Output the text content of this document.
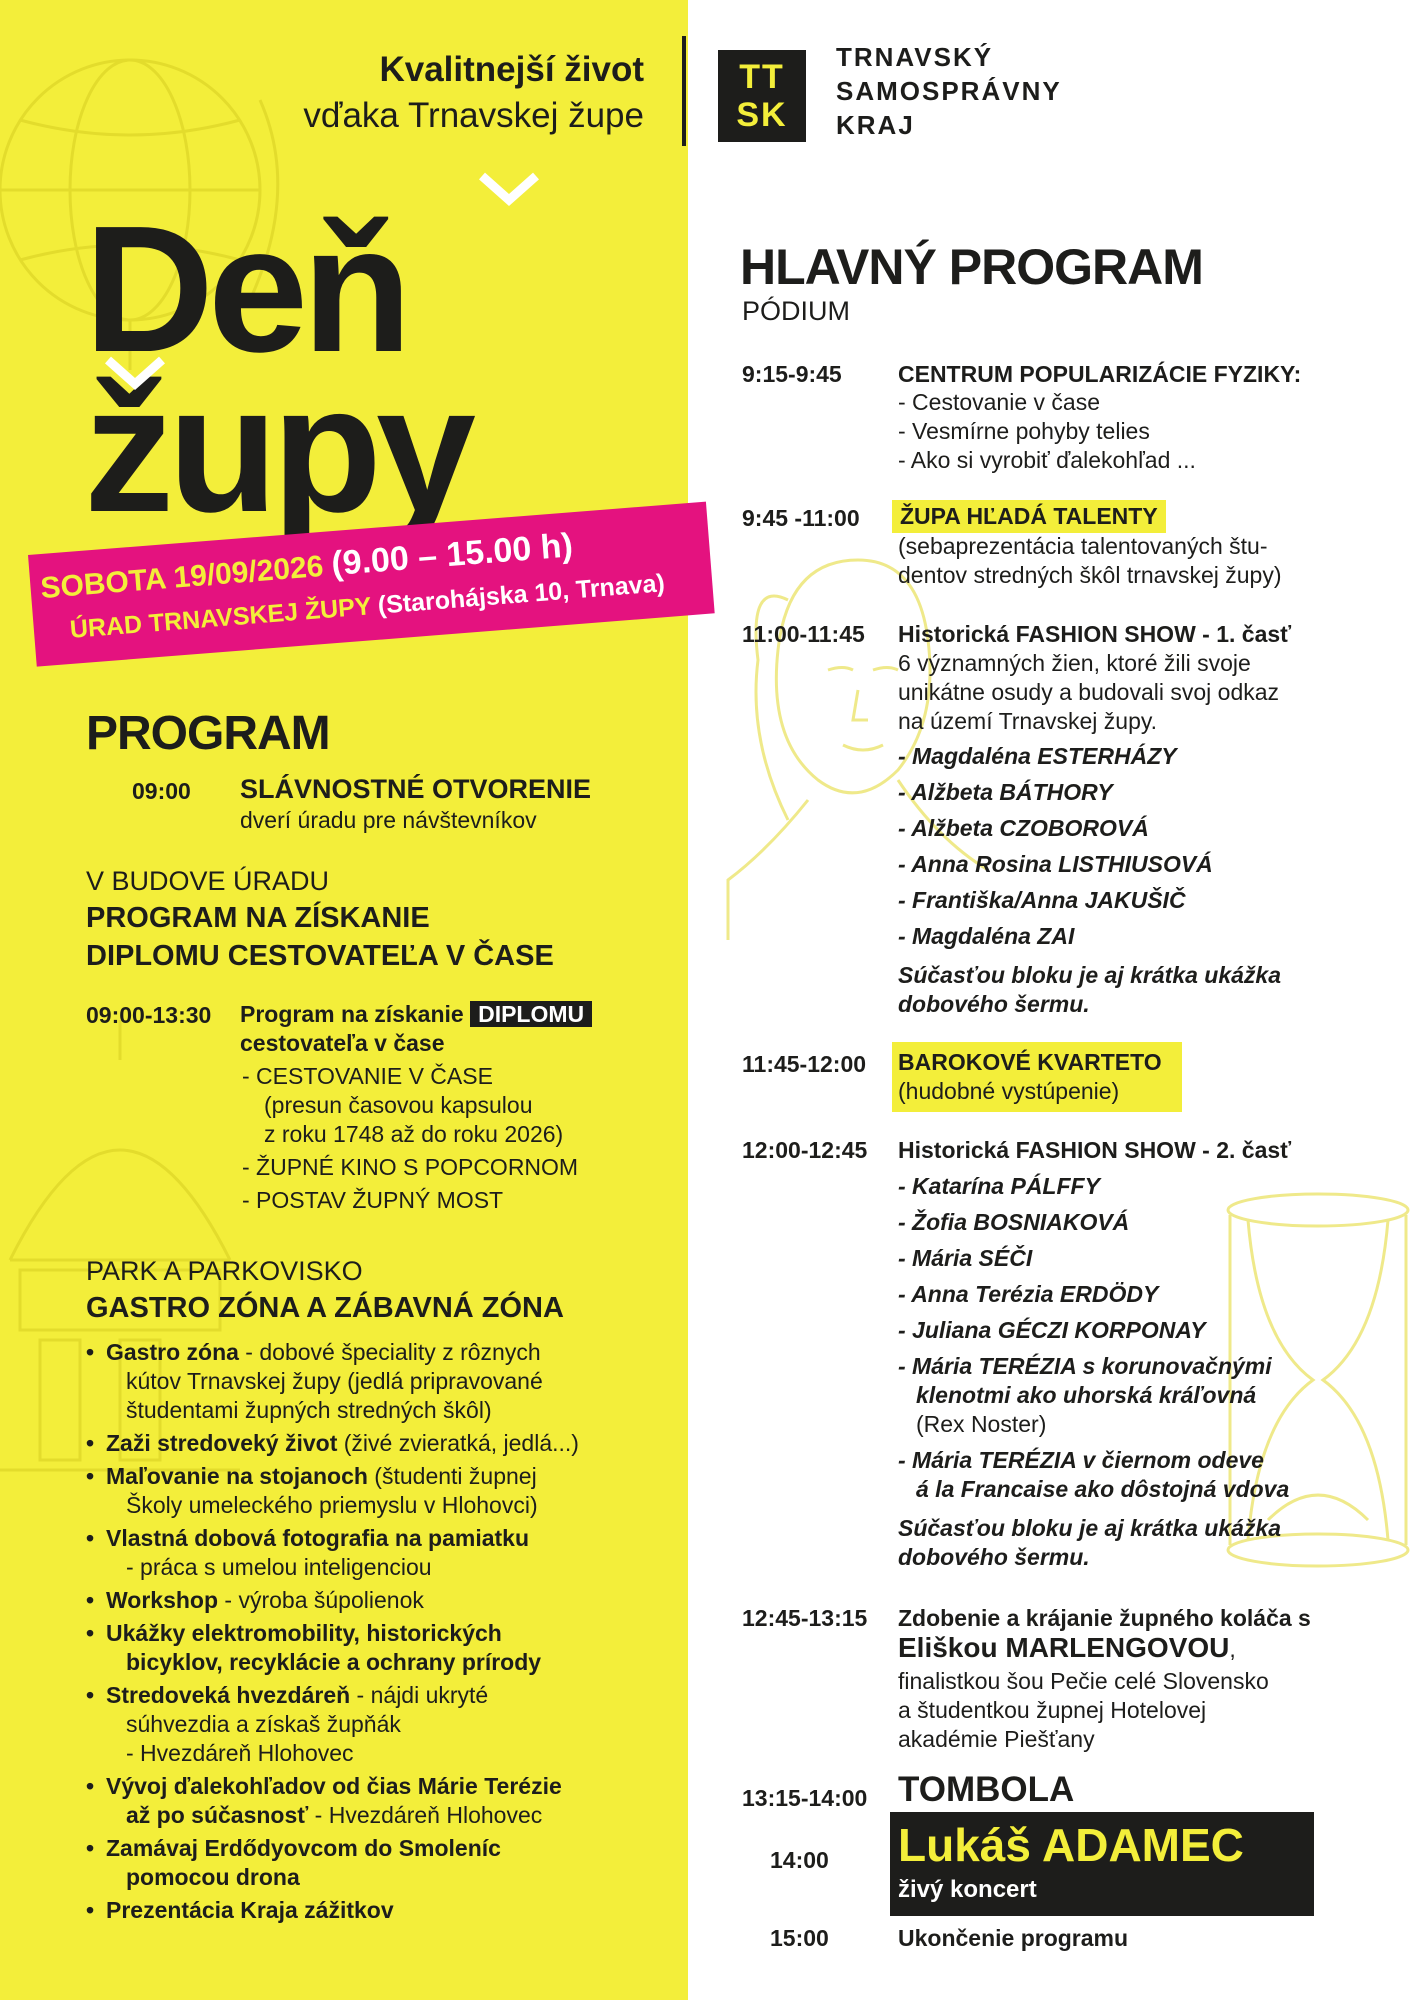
Kvalitnejší život
vďaka Trnavskej župe
TT
SK
TRNAVSKÝ
SAMOSPRÁVNY
KRAJ
Deň
župy
SOBOTA 19/09/2026 (9.00 – 15.00 h)
ÚRAD TRNAVSKEJ ŽUPY (Starohájska 10, Trnava)
PROGRAM
09:00 SLÁVNOSTNÉ OTVORENIE
dverí úradu pre návštevníkov
V BUDOVE ÚRADU
PROGRAM NA ZÍSKANIE
DIPLOMU CESTOVATEĽA V ČASE
09:00-13:30 Program na získanie DIPLOMU
cestovateľa v čase
- CESTOVANIE V ČASE
(presun časovou kapsulou
z roku 1748 až do roku 2026)
- ŽUPNÉ KINO S POPCORNOM
- POSTAV ŽUPNÝ MOST
PARK A PARKOVISKO
GASTRO ZÓNA A ZÁBAVNÁ ZÓNA
• Gastro zóna - dobové špeciality z rôznych
kútov Trnavskej župy (jedlá pripravované
študentami župných stredných škôl)
• Zaži stredoveký život (živé zvieratká, jedlá...)
• Maľovanie na stojanoch (študenti župnej
Školy umeleckého priemyslu v Hlohovci)
• Vlastná dobová fotografia na pamiatku
- práca s umelou inteligenciou
• Workshop - výroba šúpolienok
• Ukážky elektromobility, historických
bicyklov, recyklácie a ochrany prírody
• Stredoveká hvezdáreň - nájdi ukryté
súhvezdia a získaš župňák
- Hvezdáreň Hlohovec
• Vývoj ďalekohľadov od čias Márie Terézie
až po súčasnosť - Hvezdáreň Hlohovec
• Zamávaj Erdődyovcom do Smoleníc
pomocou drona
• Prezentácia Kraja zážitkov
HLAVNÝ PROGRAM
PÓDIUM
9:15-9:45 CENTRUM POPULARIZÁCIE FYZIKY:
- Cestovanie v čase
- Vesmírne pohyby telies
- Ako si vyrobiť ďalekohľad ...
9:45 -11:00	ŽUPA HĽADÁ TALENTY
(sebaprezentácia talentovaných štu-
dentov stredných škôl trnavskej župy)
11:00-11:45 Historická FASHION SHOW - 1. časť
6 významných žien, ktoré žili svoje
unikátne osudy a budovali svoj odkaz
na území Trnavskej župy.
- Magdaléna ESTERHÁZY
- Alžbeta BÁTHORY
- Alžbeta CZOBOROVÁ
- Anna Rosina LISTHIUSOVÁ
- Františka/Anna JAKUŠIČ
- Magdaléna ZAI
Súčasťou bloku je aj krátka ukážka
dobového šermu.
11:45-12:00 BAROKOVÉ KVARTETO
(hudobné vystúpenie)
12:00-12:45 Historická FASHION SHOW - 2. časť
- Katarína PÁLFFY
- Žofia BOSNIAKOVÁ
- Mária SÉČI
- Anna Terézia ERDÖDY
- Juliana GÉCZI KORPONAY
- Mária TERÉZIA s korunovačnými
klenotmi ako uhorská kráľovná
(Rex Noster)
- Mária TERÉZIA v čiernom odeve
á la Francaise ako dôstojná vdova
Súčasťou bloku je aj krátka ukážka
dobového šermu.
12:45-13:15 Zdobenie a krájanie župného koláča s
Eliškou MARLENGOVOU,
finalistkou šou Pečie celé Slovensko
a študentkou župnej Hotelovej
akadémie Piešťany
13:15-14:00 TOMBOLA
14:00 Lukáš ADAMEC
živý koncert
15:00	Ukončenie programu
